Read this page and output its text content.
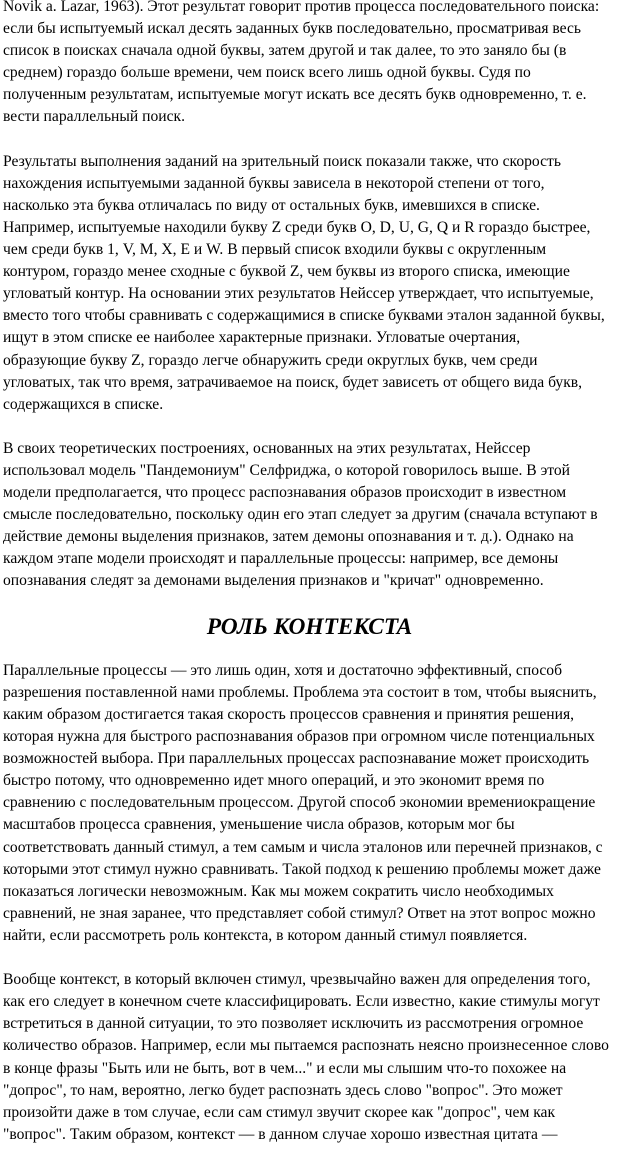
Novik a. Lazar, 1963). Этот результат говорит против процесса последовательного поиска:
если бы испытуемый искал десять заданных букв последовательно, просматривая весь
список в поисках сначала одной буквы, затем другой и так далее, то это заняло бы (в
среднем) гораздо больше времени, чем поиск всего лишь одной буквы. Судя по
полученным результатам, испытуемые могут искать все десять букв одновременно, т. е.
вести параллельный поиск.

Результаты выполнения заданий на зрительный поиск показали также, что скорость
нахождения испытуемыми заданной буквы зависела в некоторой степени от того,
насколько эта буква отличалась по виду от остальных букв, имевшихся в списке.
Например, испытуемые находили букву Z среди букв O, D, U, G, Q и R гораздо быстрее,
чем среди букв 1, V, M, X, E и W. В первый список входили буквы с округленным
контуром, гораздо менее сходные с буквой Z, чем буквы из второго списка, имеющие
угловатый контур. На основании этих результатов Нейссер утверждает, что испытуемые,
вместо того чтобы сравнивать с содержащимися в списке буквами эталон заданной буквы,
ищут в этом списке ее наиболее характерные признаки. Угловатые очертания,
образующие букву Z, гораздо легче обнаружить среди округлых букв, чем среди
угловатых, так что время, затрачиваемое на поиск, будет зависеть от общего вида букв,
содержащихся в списке.

В своих теоретических построениях, основанных на этих результатах, Нейссер
использовал модель "Пандемониум" Селфриджа, о которой говорилось выше. В этой
модели предполагается, что процесс распознавания образов происходит в известном
смысле последовательно, поскольку один его этап следует за другим (сначала вступают в
действие демоны выделения признаков, затем демоны опознавания и т. д.). Однако на
каждом этапе модели происходят и параллельные процессы: например, все демоны
опознавания следят за демонами выделения признаков и "кричат" одновременно.

РОЛЬ КОНТЕКСТА

Параллельные процессы — это лишь один, хотя и достаточно эффективный, способ
разрешения поставленной нами проблемы. Проблема эта состоит в том, чтобы выяснить,
каким образом достигается такая скорость процессов сравнения и принятия решения,
которая нужна для быстрого распознавания образов при огромном числе потенциальных
возможностей выбора. При параллельных процессах распознавание может происходить
быстро потому, что одновременно идет много операций, и это экономит время по
сравнению с последовательным процессом. Другой способ экономии времениокращение
масштабов процесса сравнения, уменьшение числа образов, которым мог бы
соответствовать данный стимул, а тем самым и числа эталонов или перечней признаков, с
которыми этот стимул нужно сравнивать. Такой подход к решению проблемы может даже
показаться логически невозможным. Как мы можем сократить число необходимых
сравнений, не зная заранее, что представляет собой стимул? Ответ на этот вопрос можно
найти, если рассмотреть роль контекста, в котором данный стимул появляется.

Вообще контекст, в который включен стимул, чрезвычайно важен для определения того,
как его следует в конечном счете классифицировать. Если известно, какие стимулы могут
встретиться в данной ситуации, то это позволяет исключить из рассмотрения огромное
количество образов. Например, если мы пытаемся распознать неясно произнесенное слово
в конце фразы "Быть или не быть, вот в чем..." и если мы слышим что-то похожее на
"допрос", то нам, вероятно, легко будет распознать здесь слово "вопрос". Это может
произойти даже в том случае, если сам стимул звучит скорее как "допрос", чем как
"вопрос". Таким образом, контекст — в данном случае хорошо известная цитата —
